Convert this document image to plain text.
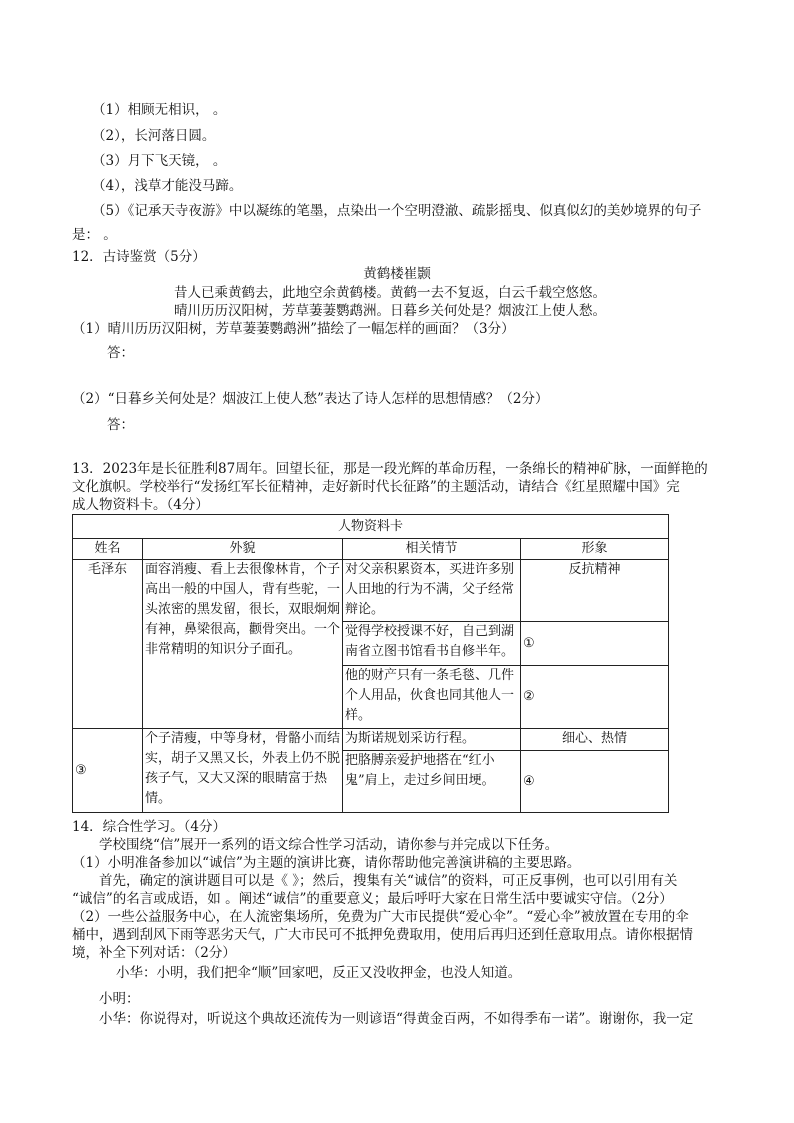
（1）相顾无相识， 。
（2），长河落日圆。
（3）月下飞天镜， 。
（4），浅草才能没马蹄。
（5）《记承天寺夜游》中以凝练的笔墨，点染出一个空明澄澈、疏影摇曳、似真似幻的美妙境界的句子
是： 。
12．古诗鉴赏（5分）
黄鹤楼崔颢
昔人已乘黄鹤去，此地空余黄鹤楼。黄鹤一去不复返，白云千载空悠悠。
晴川历历汉阳树，芳草萋萋鹦鹉洲。日暮乡关何处是？烟波江上使人愁。
（1）晴川历历汉阳树，芳草萋萋鹦鹉洲”描绘了一幅怎样的画面？（3分）
答：
（2）“日暮乡关何处是？烟波江上使人愁”表达了诗人怎样的思想情感？（2分）
答：
13．2023年是长征胜利87周年。回望长征，那是一段光辉的革命历程，一条绵长的精神矿脉，一面鲜艳的
文化旗帜。学校举行“发扬红军长征精神，走好新时代长征路”的主题活动，请结合《红星照耀中国》完
成人物资料卡。（4分）
人物资料卡			
姓名	外貌	相关情节	形象
毛泽东	面容消瘦、看上去很像林肯，个子高出一般的中国人，背有些驼，一头浓密的黑发留，很长，双眼炯炯有神，鼻梁很高，颧骨突出。一个非常精明的知识分子面孔。	对父亲积累资本，买进许多别人田地的行为不满，父子经常辩论。	反抗精神
		觉得学校授课不好，自己到湖南省立图书馆看书自修半年。	①
		他的财产只有一条毛毯、几件个人用品，伙食也同其他人一样。	②
③	个子清瘦，中等身材，骨骼小而结实，胡子又黑又长，外表上仍不脱孩子气，又大又深的眼睛富于热情。	为斯诺规划采访行程。	细心、热情
		把胳膊亲爱护地搭在“红小鬼”肩上，走过乡间田埂。	④
14．综合性学习。（4分）
学校围绕“信”展开一系列的语文综合性学习活动，请你参与并完成以下任务。
（1）小明准备参加以“诚信”为主题的演讲比赛，请你帮助他完善演讲稿的主要思路。
首先，确定的演讲题目可以是《 》；然后，搜集有关“诚信”的资料，可正反事例，也可以引用有关
“诚信”的名言或成语，如 。阐述“诚信”的重要意义；最后呼吁大家在日常生活中要诚实守信。（2分）
（2）一些公益服务中心，在人流密集场所，免费为广大市民提供“爱心伞”。“爱心伞”被放置在专用的伞
桶中，遇到刮风下雨等恶劣天气，广大市民可不抵押免费取用，使用后再归还到任意取用点。请你根据情
境，补全下列对话：（2分）
小华：小明，我们把伞“顺”回家吧，反正又没收押金，也没人知道。
小明：
小华：你说得对，听说这个典故还流传为一则谚语“得黄金百两，不如得季布一诺”。谢谢你，我一定
